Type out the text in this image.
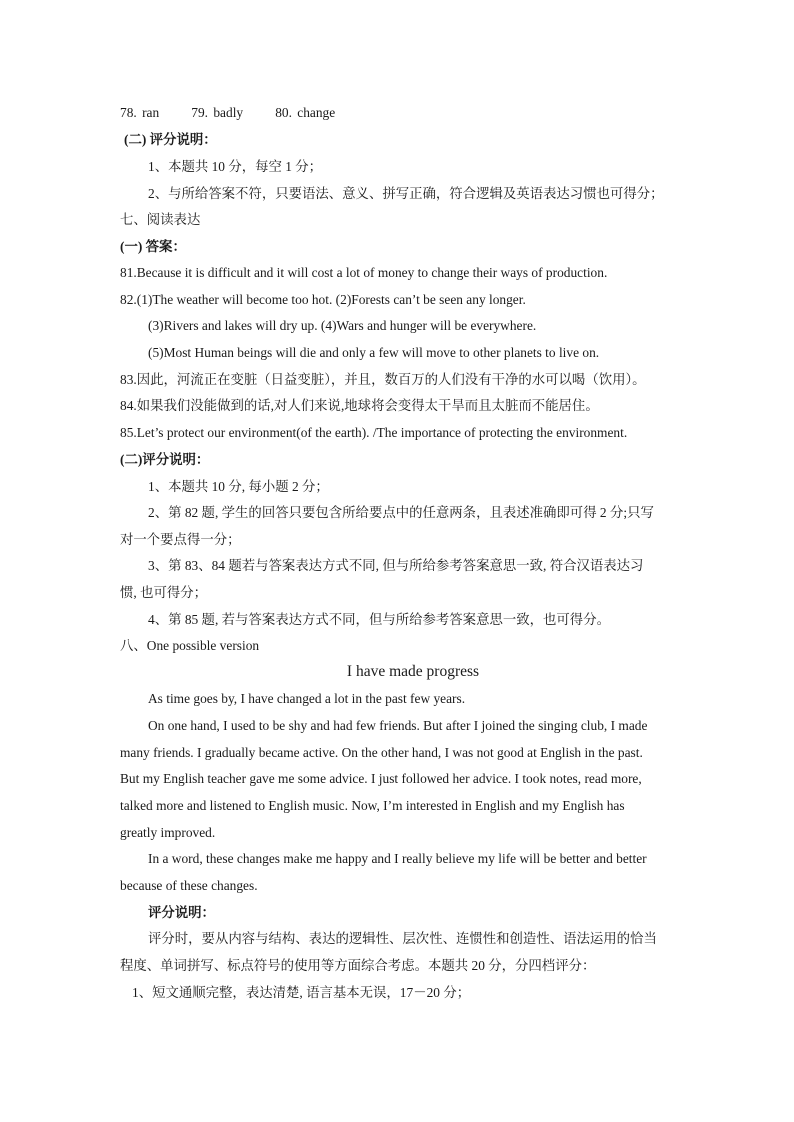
78. ran      79. badly      80. change
(二) 评分说明：
1、本题共 10 分，每空 1 分；
2、与所给答案不符，只要语法、意义、拼写正确，符合逻辑及英语表达习惯也可得分；
七、阅读表达
(一) 答案：
81.Because it is difficult and it will cost a lot of money to change their ways of production.
82.(1)The weather will become too hot. (2)Forests can’t be seen any longer.
(3)Rivers and lakes will dry up. (4)Wars and hunger will be everywhere.
(5)Most Human beings will die and only a few will move to other planets to live on.
83.因此，河流正在变脏（日益变脏），并且，数百万的人们没有干净的水可以喝（饮用）。
84.如果我们没能做到的话,对人们来说,地球将会变得太干旱而且太脏而不能居住。
85.Let’s protect our environment(of the earth). /The importance of protecting the environment.
(二)评分说明：
1、本题共 10 分, 每小题 2 分；
2、第 82 题, 学生的回答只要包含所给要点中的任意两条，且表述准确即可得 2 分;只写
对一个要点得一分；
3、第 83、84 题若与答案表达方式不同, 但与所给参考答案意思一致, 符合汉语表达习
惯, 也可得分；
4、第 85 题, 若与答案表达方式不同，但与所给参考答案意思一致，也可得分。
八、One possible version
I have made progress
As time goes by, I have changed a lot in the past few years.
On one hand, I used to be shy and had few friends. But after I joined the singing club, I made
many friends. I gradually became active. On the other hand, I was not good at English in the past.
But my English teacher gave me some advice. I just followed her advice. I took notes, read more,
talked more and listened to English music. Now, I’m interested in English and my English has
greatly improved.
In a word, these changes make me happy and I really believe my life will be better and better
because of these changes.
评分说明：
评分时，要从内容与结构、表达的逻辑性、层次性、连惯性和创造性、语法运用的恰当
程度、单词拼写、标点符号的使用等方面综合考虑。本题共 20 分，分四档评分：
1、短文通顺完整，表达清楚, 语言基本无误，17－20 分；
